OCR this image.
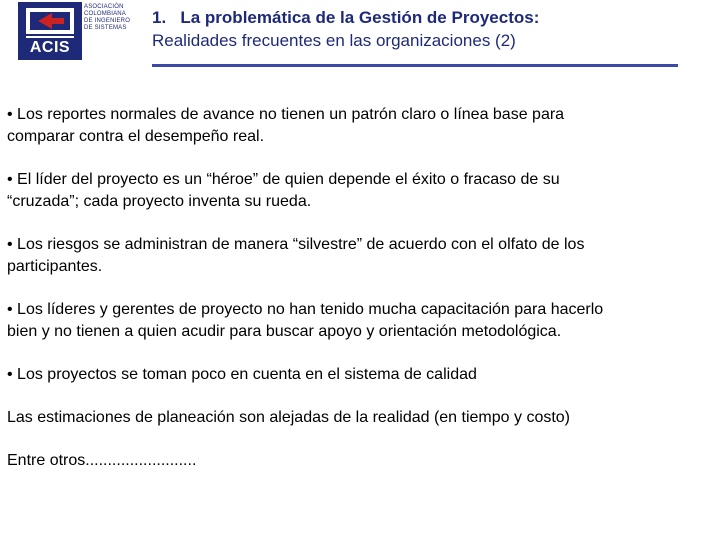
ASOCIACIÓN
COLOMBIANA
DE INGENIERO
DE SISTEMAS
ACIS
1. La problemática de la Gestión de Proyectos:
Realidades frecuentes en las organizaciones (2)

• Los reportes normales de avance no tienen un patrón claro o línea base para comparar contra el desempeño real.

• El líder del proyecto es un “héroe” de quien depende el éxito o fracaso de su “cruzada”; cada proyecto inventa su rueda.

• Los riesgos se administran de manera “silvestre” de acuerdo con el olfato de los participantes.

• Los líderes y gerentes de proyecto no han tenido mucha capacitación para hacerlo bien y no tienen a quien acudir para buscar apoyo y orientación metodológica.

• Los proyectos se toman poco en cuenta en el sistema de calidad

Las estimaciones de planeación son alejadas de la realidad (en tiempo y costo)

Entre otros.........................
